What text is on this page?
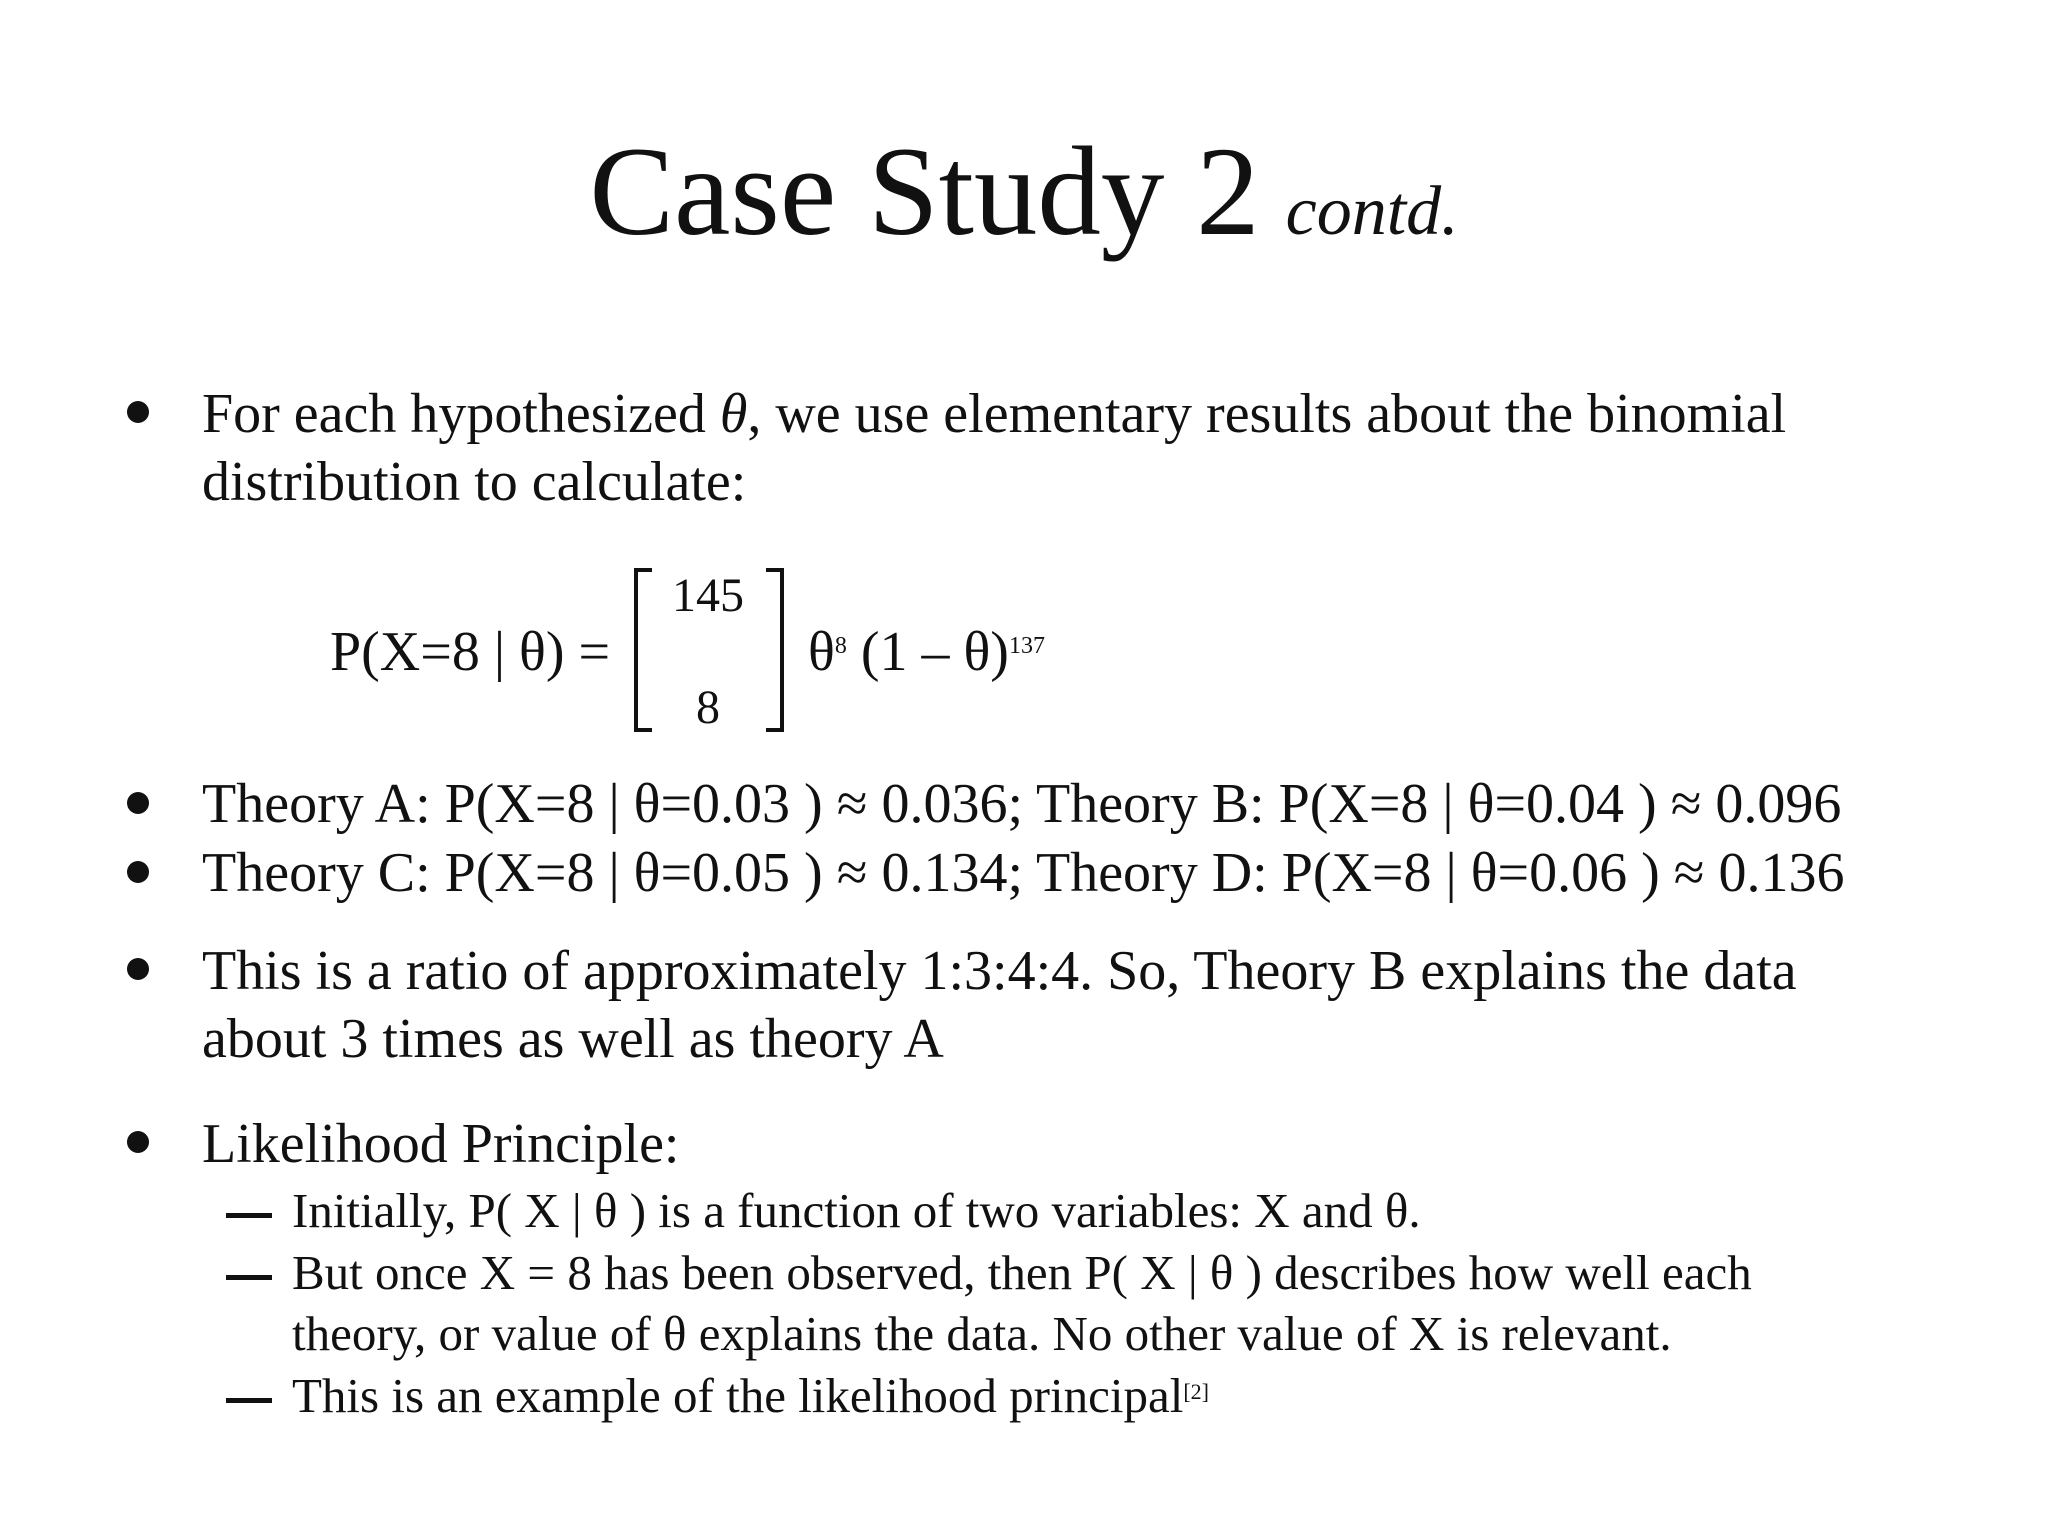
Case Study 2 contd.
For each hypothesized θ, we use elementary results about the binomial
distribution to calculate:
P(X=8 | θ) =
145
8
$\theta^8$ (1 – θ)$^{137}$
Theory A: P(X=8 | θ=0.03 ) ≈ 0.036; Theory B: P(X=8 | θ=0.04 ) ≈ 0.096
Theory C: P(X=8 | θ=0.05 ) ≈ 0.134; Theory D: P(X=8 | θ=0.06 ) ≈ 0.136
This is a ratio of approximately 1:3:4:4. So, Theory B explains the data
about 3 times as well as theory A
Likelihood Principle:
Initially, P( X | θ ) is a function of two variables: X and θ.
But once X = 8 has been observed, then P( X | θ ) describes how well each
theory, or value of θ explains the data. No other value of X is relevant.
This is an example of the likelihood principal[2]
